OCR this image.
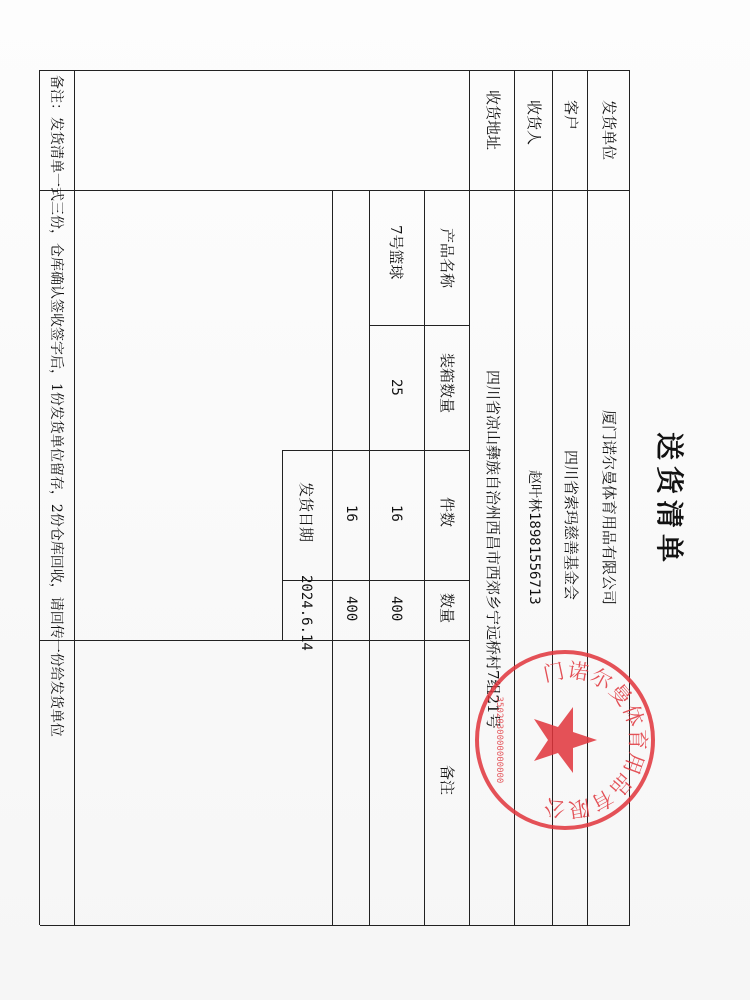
送货清单
发货单位
厦门诺尔曼体育用品有限公司
客户
四川省索玛慈善基金会
收货人
赵叶林18981556713
收货地址
四川省凉山彝族自治州西昌市西郊乡宁远桥村7组21号
产品名称
装箱数量
件数
数量
备注
7号篮球
25
16
400
16
400
发货日期
2024.6.14
备注：发货清单一式三份，仓库确认签收签字后，1份发货单位留存，2份仓库回收，请回传一份给发货单位	门诺尔曼体育用品有限公
3502030000000000
